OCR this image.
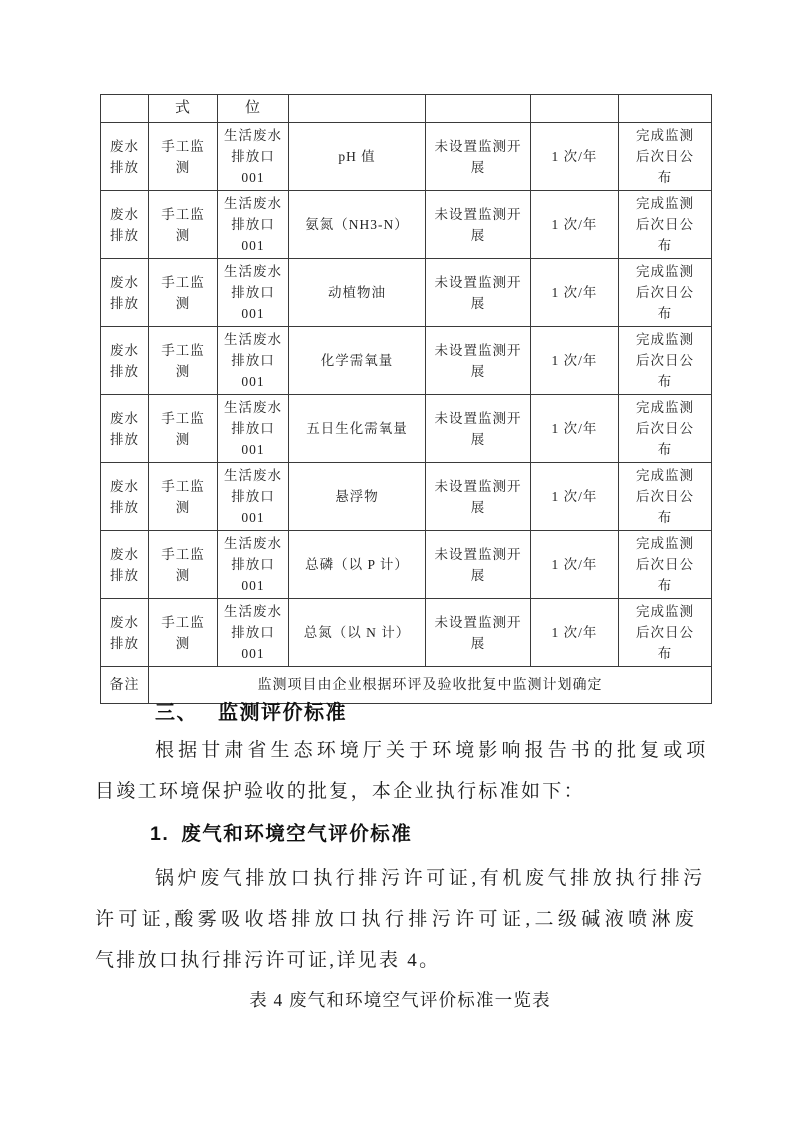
	式	位				

废水排放	手工监测	生活废水排放口001	pH 值	未设置监测开展	1 次/年	完成监测后次日公布

废水排放	手工监测	生活废水排放口001	氨氮（NH3-N）	未设置监测开展	1 次/年	完成监测后次日公布

废水排放	手工监测	生活废水排放口001	动植物油	未设置监测开展	1 次/年	完成监测后次日公布

废水排放	手工监测	生活废水排放口001	化学需氧量	未设置监测开展	1 次/年	完成监测后次日公布

废水排放	手工监测	生活废水排放口001	五日生化需氧量	未设置监测开展	1 次/年	完成监测后次日公布

废水排放	手工监测	生活废水排放口001	悬浮物	未设置监测开展	1 次/年	完成监测后次日公布

废水排放	手工监测	生活废水排放口001	总磷（以 P 计）	未设置监测开展	1 次/年	完成监测后次日公布

废水排放	手工监测	生活废水排放口001	总氮（以 N 计）	未设置监测开展	1 次/年	完成监测后次日公布

备注	监测项目由企业根据环评及验收批复中监测计划确定					
三、 监测评价标准
根据甘肃省生态环境厅关于环境影响报告书的批复或项
目竣工环境保护验收的批复，本企业执行标准如下：
1. 废气和环境空气评价标准
锅炉废气排放口执行排污许可证,有机废气排放执行排污
许可证,酸雾吸收塔排放口执行排污许可证,二级碱液喷淋废
气排放口执行排污许可证,详见表 4。
表 4 废气和环境空气评价标准一览表
